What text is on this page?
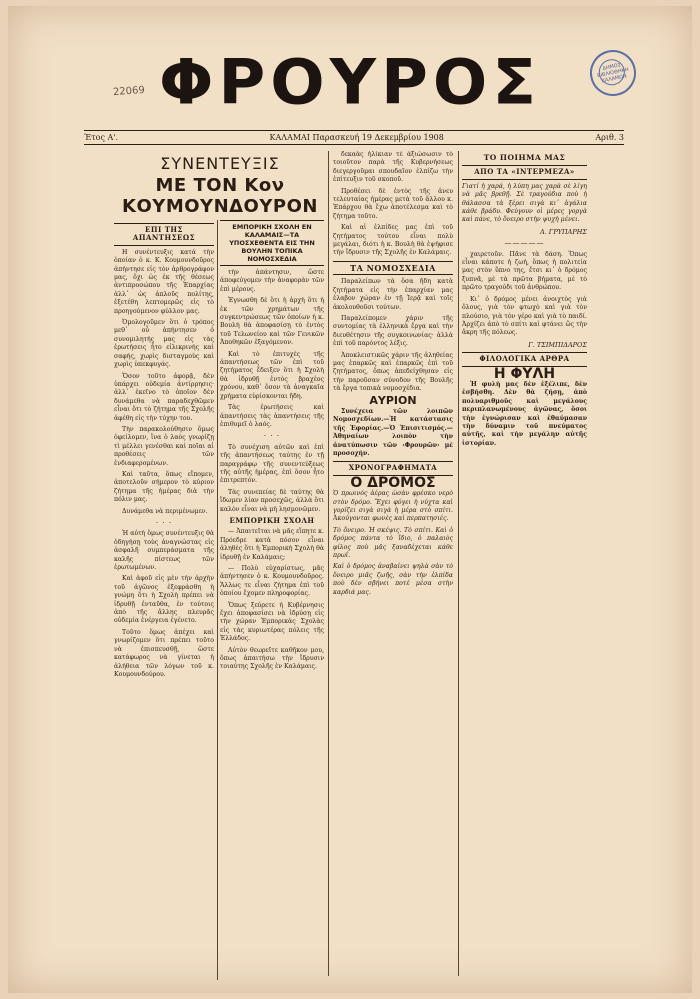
22069 ΦΡΟΥΡΟΣ	ΔΗΜΟΣ ΒΙΒΛΙΟΘΗΚΗ ΚΑΛΑΜΩΝ
Έτος Α'.	ΚΑΛΑΜΑΙ Παρασκευή 19 Δεκεμβρίου 1908	Αριθ. 3
ΣΥΝΕΝΤΕΥΞΙΣ
ΜΕ ΤΟΝ Κον ΚΟΥΜΟΥΝΔΟΥΡΟΝ
ΕΠΙ ΤΗΣ ΑΠΑΝΤΗΣΕΩΣ

Η συνέντευξις κατά τὴν ὁποίαν ὁ κ. Κ. Κουμουνδοῦρος ἀπήντησε εἰς τὸν ἀρθρογράφον μας, ὅχι ὡς ἐκ τῆς θέσεως ἀντιπροσώπου τῆς Ἐπαρχίας ἀλλ᾽ ὡς ἀπλοῦς πολίτης, ἐξετέθη λεπτομερῶς εἰς τὸ προηγούμενον φύλλον μας.

Ὁμολογοῦμεν ὅτι ὁ τρόπος μεθ᾽ οὗ ἀπήντησεν ὁ συνομιλητής μας εἰς τὰς ἐρωτήσεις ἦτο εἰλικρινής καὶ σαφής, χωρὶς δισταγμοὺς καὶ χωρὶς ὑπεκφυγάς.

Ὅσον τοῦτο ἀφορᾷ, δὲν ὑπάρχει οὐδεμία ἀντίρρησις· ἀλλ᾽ ἐκεῖνο τὸ ὁποῖον δὲν δυνάμεθα νὰ παραδεχθῶμεν εἶναι ὅτι τὸ ζήτημα τῆς Σχολῆς ἀφέθη εἰς τὴν τύχην του.

Τὴν παρακολούθησιν ὅμως ὀφείλομεν, ἵνα ὁ λαὸς γνωρίζῃ τὶ μέλλει γενέσθαι καὶ ποῖαι αἱ προθέσεις τῶν ἐνδιαφερομένων.

Καὶ ταῦτα, ὅπως εἴπομεν, ἀποτελοῦν σήμερον τὸ κύριον ζήτημα τῆς ἡμέρας διὰ τὴν πόλιν μας.

Δυνάμεθα νὰ περιμένωμεν.

· · ·

Ἡ αὐτὴ ὅμως συνέντευξις θὰ ὁδηγήσῃ τοὺς ἀναγνώστας εἰς ἀσφαλῆ συμπεράσματα τῆς καλῆς πίστεως τῶν ἐρωτωμένων.

Καὶ ἀφοῦ εἰς μὲν τὴν ἀρχὴν τοῦ ἀγῶνος ἐξεφράσθη ἡ γνώμη ὅτι ἡ Σχολὴ πρέπει νὰ ἱδρυθῇ ἐνταῦθα, ἐν τούτοις ἀπὸ τῆς ἄλλης πλευρᾶς οὐδεμία ἐνέργεια ἐγένετο.

Τοῦτο ὅμως ἀπέχει καὶ γνωρίζομεν ὅτι πρέπει τοῦτο νὰ ἐπισπευσθῇ, ὥστε κατάφωρος νὰ γίνεται ἡ ἀλήθεια τῶν λόγων τοῦ κ. Κουμουνδούρου.

ΕΜΠΟΡΙΚΗ ΣΧΟΛΗ ΕΝ ΚΑΛΑΜΑΙΣ—ΤΑ ΥΠΟΣΧΕΘΕΝΤΑ ΕΙΣ ΤΗΝ ΒΟΥΛΗΝ ΤΟΠΙΚΑ ΝΟΜΟΣΧΕΔΙΑ

τὴν ἀπάντησιν, ὥστε ἀποφεύγομεν τὴν ἀναφορὰν τῶν ἐπὶ μέρους.

Ἐγνωσθη δὲ ὅτι ἡ ἀρχὴ ὅτι ἡ ἐκ τῶν χρημάτων τῆς συγκεντρώσεως τῶν ὁποίων ἡ κ. Βουλὴ θὰ ἀποφασίσῃ τὸ ἐντὸς τοῦ Τελωνείου καὶ τῶν Γενικῶν Ἀποθηκῶν ἐξαγόμενον.

Καὶ τὸ ἐπιτυχὲς τῆς ἀπαντήσεως τῶν ἐπὶ τοῦ ζητήματος ἔδειξεν ὅτι ἡ Σχολὴ θὰ ἱδρυθῇ ἐντὸς βραχέος χρόνου, καθ᾽ ὅσον τὰ ἀναγκαῖα χρήματα εὑρίσκονται ἤδη.

Τὰς ἐρωτήσεις καὶ ἀπαντήσεις τὰς ἀπαντήσεις τῆς ἐπιθυμεῖ ὁ λαός.

· · ·

Τὸ συνέχιση αὐτῶν καὶ ἐπὶ τῆς ἀπαντήσεως ταύτης ἐν τῇ παραγράφῳ τῆς συνεντεύξεως τῆς αὐτῆς ἡμέρας, ἐπὶ ὅσον ἦτο ἐπιτρεπτόν.

Τὰς συνεπείας δὲ ταύτης θὰ ἴδωμεν λίαν προσεχῶς, ἀλλὰ ὅτι καλὸν εἶναι νὰ μὴ λησμονῶμεν.

ΕΜΠΟΡΙΚΗ ΣΧΟΛΗ

— Ἀπαιτεῖται νὰ μᾶς εἴπητε κ. Πρόεδρε κατὰ πόσον εἶναι ἀληθὲς ὅτι ἡ Ἐμπορικὴ Σχολὴ θὰ ἱδρυθῇ ἐν Καλάμαις;

— Πολὺ εὐχαρίστως, μᾶς ἀπήντησεν ὁ κ. Κουμουνδοῦρος. Ἄλλως τε εἶναι ζήτημα ἐπὶ τοῦ ὁποίου ἔχομεν πληροφορίας.

Ὅπως ξεύρετε ἡ Κυβέρνησις ἔχει ἀποφασίσει νὰ ἱδρύσῃ εἰς τὴν χώραν Ἐμπορικὰς Σχολὰς εἰς τὰς κυριωτέρας πόλεις τῆς Ἑλλάδος.

Αὐτὸν θεωρεῖτε καθῆκον μου, ὅπως ἀπαιτήσω τὴν ἵδρυσιν τοιαύτης Σχολῆς ἐν Καλάμαις.

δεκαὰς ἠλίκιαν τὲ ἀξιώσωσιν τὸ τοιοῦτον παρὰ τῆς Κυβερνήσεως διεγεργοῦμαι σπουδαῖον ἐλπίζω τὴν ἐπίτευξιν τοῦ σκοποῦ.

Προθέσει δὲ ἐντὸς τῆς ἀνευ τελευταίας ἡμέρας μετὰ τοῦ ἄλλου κ. Ἐπάρχου θὰ ἔχω ἀποτέλεσμα καὶ τὸ ζήτημα τοῦτο.

Καὶ αἱ ἐλπίδες μας ἐπὶ τοῦ ζητήματος τούτου εἶναι πολὺ μεγάλαι, διότι ἡ κ. Βουλὴ θὰ ἐψήφισε τὴν ἵδρυσιν τῆς Σχολῆς ἐν Καλάμαις.

ΤΑ ΝΟΜΟΣΧΕΔΙΑ

Παραλείπων τὰ ὅσα ἤδη κατὰ ζητήματα εἰς τὴν ἐπαρχίαν μας ἐλαβον χώραν ἐν τῇ Ἱερᾷ καὶ τοῖς ἀκολουθοῦσι τούτων.

Παραλείπομεν χάριν τῆς συντομίας τὰ ἐλληνικὰ ἔργα καὶ τὴν διευθέτησιν τῆς συγκοινωνίας· ἀλλὰ ἐπὶ τοῦ παρόντος λέξις.

Ἀποκλειστικῶς χάριν τῆς ἀληθείας μας ἐπαρκῶς καὶ ἐπαρκῶς ἐπὶ τοῦ ζητήματος, ὅπως ἀπεδείχθησαν εἰς τὴν παροῦσαν σύνοδον τῆς Βουλῆς τὰ ἔργα τοπικὰ νομοσχέδια.

ΑΥΡΙΟΝ

Συνέχεια τῶν λοιπῶν Νομοσχεδίων.—Ἡ κατάστασις τῆς Ἐφορίας.—Ὁ Ἐπισιτισμός.—Ἀθηναίων λοιπὸν τὴν ἀνατύπωσιν τῶν ‹Φρουρῶν› μὲ προσοχήν.

ΧΡΟΝΟΓΡΑΦΗΜΑΤΑ
Ο ΔΡΟΜΟΣ

Ὁ πρωινός ἀέρας ὡσὰν φρέσκο νερὸ στὸν δρόμο. Ἔχει φύγει ἡ νύχτα καὶ γυρίζει σιγὰ σιγὰ ἡ μέρα στὸ σπίτι. Ἀκούγονται φωνὲς καὶ περπατησιές.

Τὸ ὄνειρο. Ἡ σκέψις. Τὸ σπίτι. Καὶ ὁ δρόμος πάντα τὸ ἴδιο, ὁ παλαιὸς φίλος ποὺ μᾶς ξαναδέχεται κάθε πρωΐ.

Καὶ ὁ δρόμος ἀναβαίνει ψηλὰ σὰν τὸ ὄνειρο μιᾶς ζωῆς, σὰν τὴν ἐλπίδα ποὺ δὲν σβήνει ποτέ μέσα στὴν καρδιά μας.

ΤΟ ΠΟΙΗΜΑ ΜΑΣ
ΑΠΟ ΤΑ «ΙΝΤΕΡΜΕΖΑ»

Γιατί ἡ χαρά, ἡ λύπη μας χαρὰ σὲ λίγη νὰ μᾶς βρεθῇ. Σὲ τραγούδια ποὺ ἡ θάλασσα τὰ ξέρει σιγὰ κι᾽ ἀγάλια κάθε βράδυ. Φεύγουν οἱ μέρες γοργὰ καὶ πάνε, τὸ ὄνειρο στὴν ψυχὴ μένει.

Α. ΓΡΥΠΑΡΗΣ
—————

χαιρετοῦν. Πᾶνε τὰ δάση. Ὅπως εἶναι κάποτε ἡ ζωή, ὅπως ἡ πολιτεία μας στὸν ὕπνο της, ἔτσι κι᾽ ὁ δρόμος ξυπνᾶ, μὲ τὰ πρῶτα βήματα, μὲ τὸ πρῶτο τραγούδι τοῦ ἀνθρώπου.

Κι᾽ ὁ δρόμος μένει ἀνοιχτὸς γιὰ ὅλους, γιὰ τὸν φτωχὸ καὶ γιὰ τὸν πλούσιο, γιὰ τὸν γέρο καὶ γιὰ τὸ παιδί. Ἀρχίζει ἀπὸ τὸ σπίτι καὶ φτάνει ὣς τὴν ἄκρη τῆς πόλεως.

Γ. ΤΣΙΜΠΙΔΑΡΟΣ
ΦΙΛΟΛΟΓΙΚΑ ΑΡΘΡΑ
Η ΦΥΛΗ

Ἡ φυλὴ μας δὲν ἐξέλιπε, δὲν ἐσβήσθη. Δὲν θὰ ζήσῃ, ἀπὸ πολυαριθμοῦς καὶ μεγάλους περιπλανωμένους ἀγῶνας, ὅσοι τὴν ἐγνώρισαν καὶ ἐθαύμασαν τὴν δύναμιν τοῦ πνεύματος αὐτῆς, καὶ τὴν μεγάλην αὐτῆς ἱστορίαν.
